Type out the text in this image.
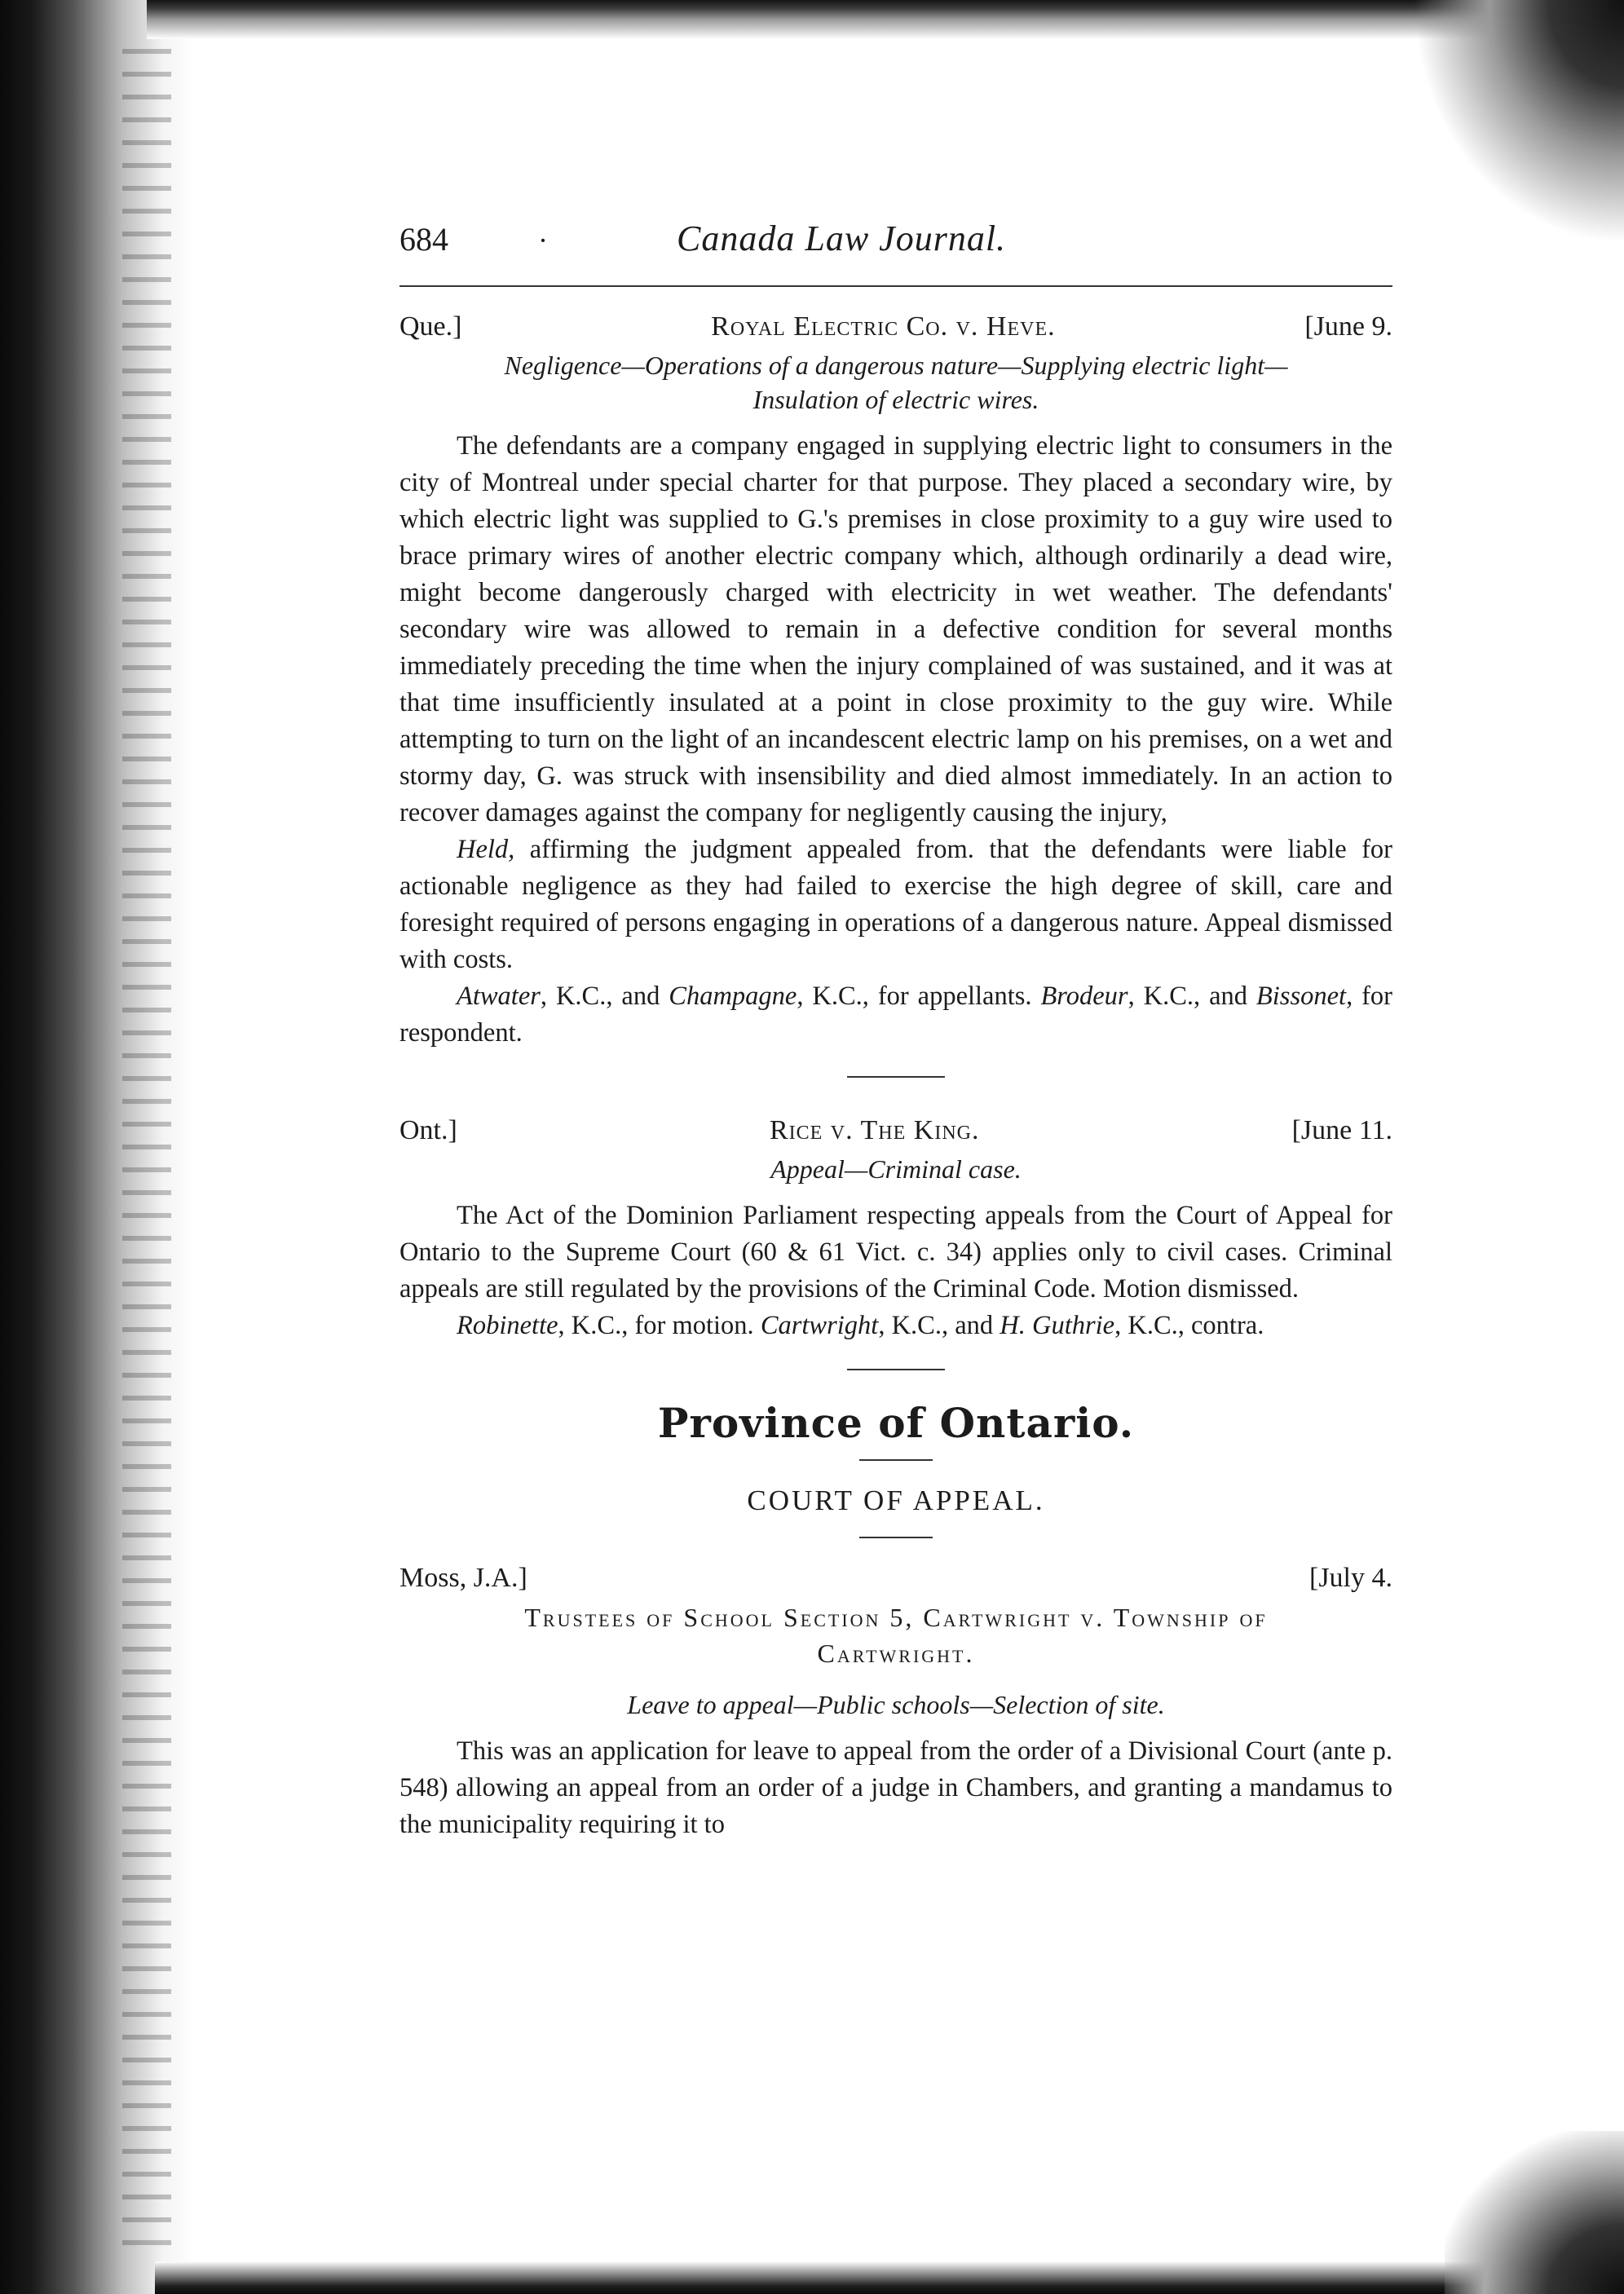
684	·	Canada Law Journal.
Que.]	Royal Electric Co. v. Heve.	[June 9.
Negligence—Operations of a dangerous nature—Supplying electric light—
Insulation of electric wires.

The defendants are a company engaged in supplying electric light to consumers in the city of Montreal under special charter for that purpose. They placed a secondary wire, by which electric light was supplied to G.'s premises in close proximity to a guy wire used to brace primary wires of another electric company which, although ordinarily a dead wire, might become dangerously charged with electricity in wet weather. The defendants' secondary wire was allowed to remain in a defective condition for several months immediately preceding the time when the injury complained of was sustained, and it was at that time insufficiently insulated at a point in close proximity to the guy wire. While attempting to turn on the light of an incandescent electric lamp on his premises, on a wet and stormy day, G. was struck with insensibility and died almost immediately. In an action to recover damages against the company for negligently causing the injury,

Held, affirming the judgment appealed from. that the defendants were liable for actionable negligence as they had failed to exercise the high degree of skill, care and foresight required of persons engaging in operations of a dangerous nature. Appeal dismissed with costs.

Atwater, K.C., and Champagne, K.C., for appellants. Brodeur, K.C., and Bissonet, for respondent.

Ont.]	Rice v. The King.	[June 11.
Appeal—Criminal case.

The Act of the Dominion Parliament respecting appeals from the Court of Appeal for Ontario to the Supreme Court (60 & 61 Vict. c. 34) applies only to civil cases. Criminal appeals are still regulated by the provisions of the Criminal Code. Motion dismissed.

Robinette, K.C., for motion. Cartwright, K.C., and H. Guthrie, K.C., contra.

Province of Ontario.
COURT OF APPEAL.
Moss, J.A.]	[July 4.
Trustees of School Section 5, Cartwright v. Township of
Cartwright.
Leave to appeal—Public schools—Selection of site.

This was an application for leave to appeal from the order of a Divisional Court (ante p. 548) allowing an appeal from an order of a judge in Chambers, and granting a mandamus to the municipality requiring it to
